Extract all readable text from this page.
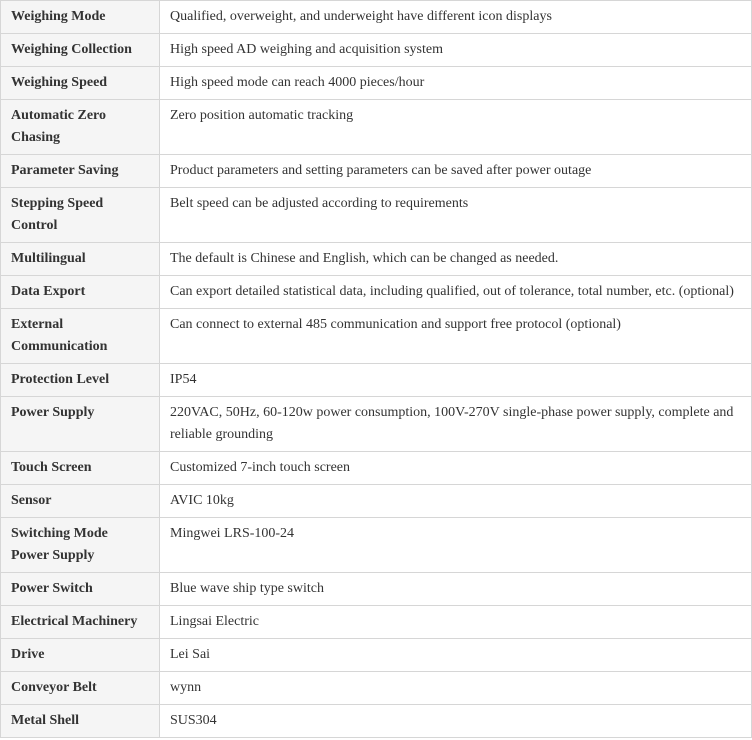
Weighing Mode	Qualified, overweight, and underweight have different icon displays
Weighing Collection	High speed AD weighing and acquisition system
Weighing Speed	High speed mode can reach 4000 pieces/hour
Automatic Zero Chasing	Zero position automatic tracking
Parameter Saving	Product parameters and setting parameters can be saved after power outage
Stepping Speed Control	Belt speed can be adjusted according to requirements
Multilingual	The default is Chinese and English, which can be changed as needed.
Data Export	Can export detailed statistical data, including qualified, out of tolerance, total number, etc. (optional)
External Communication	Can connect to external 485 communication and support free protocol (optional)
Protection Level	IP54
Power Supply	220VAC, 50Hz, 60-120w power consumption, 100V-270V single-phase power supply, complete and reliable grounding
Touch Screen	Customized 7-inch touch screen
Sensor	AVIC 10kg
Switching Mode Power Supply	Mingwei LRS-100-24
Power Switch	Blue wave ship type switch
Electrical Machinery	Lingsai Electric
Drive	Lei Sai
Conveyor Belt	wynn
Metal Shell	SUS304
